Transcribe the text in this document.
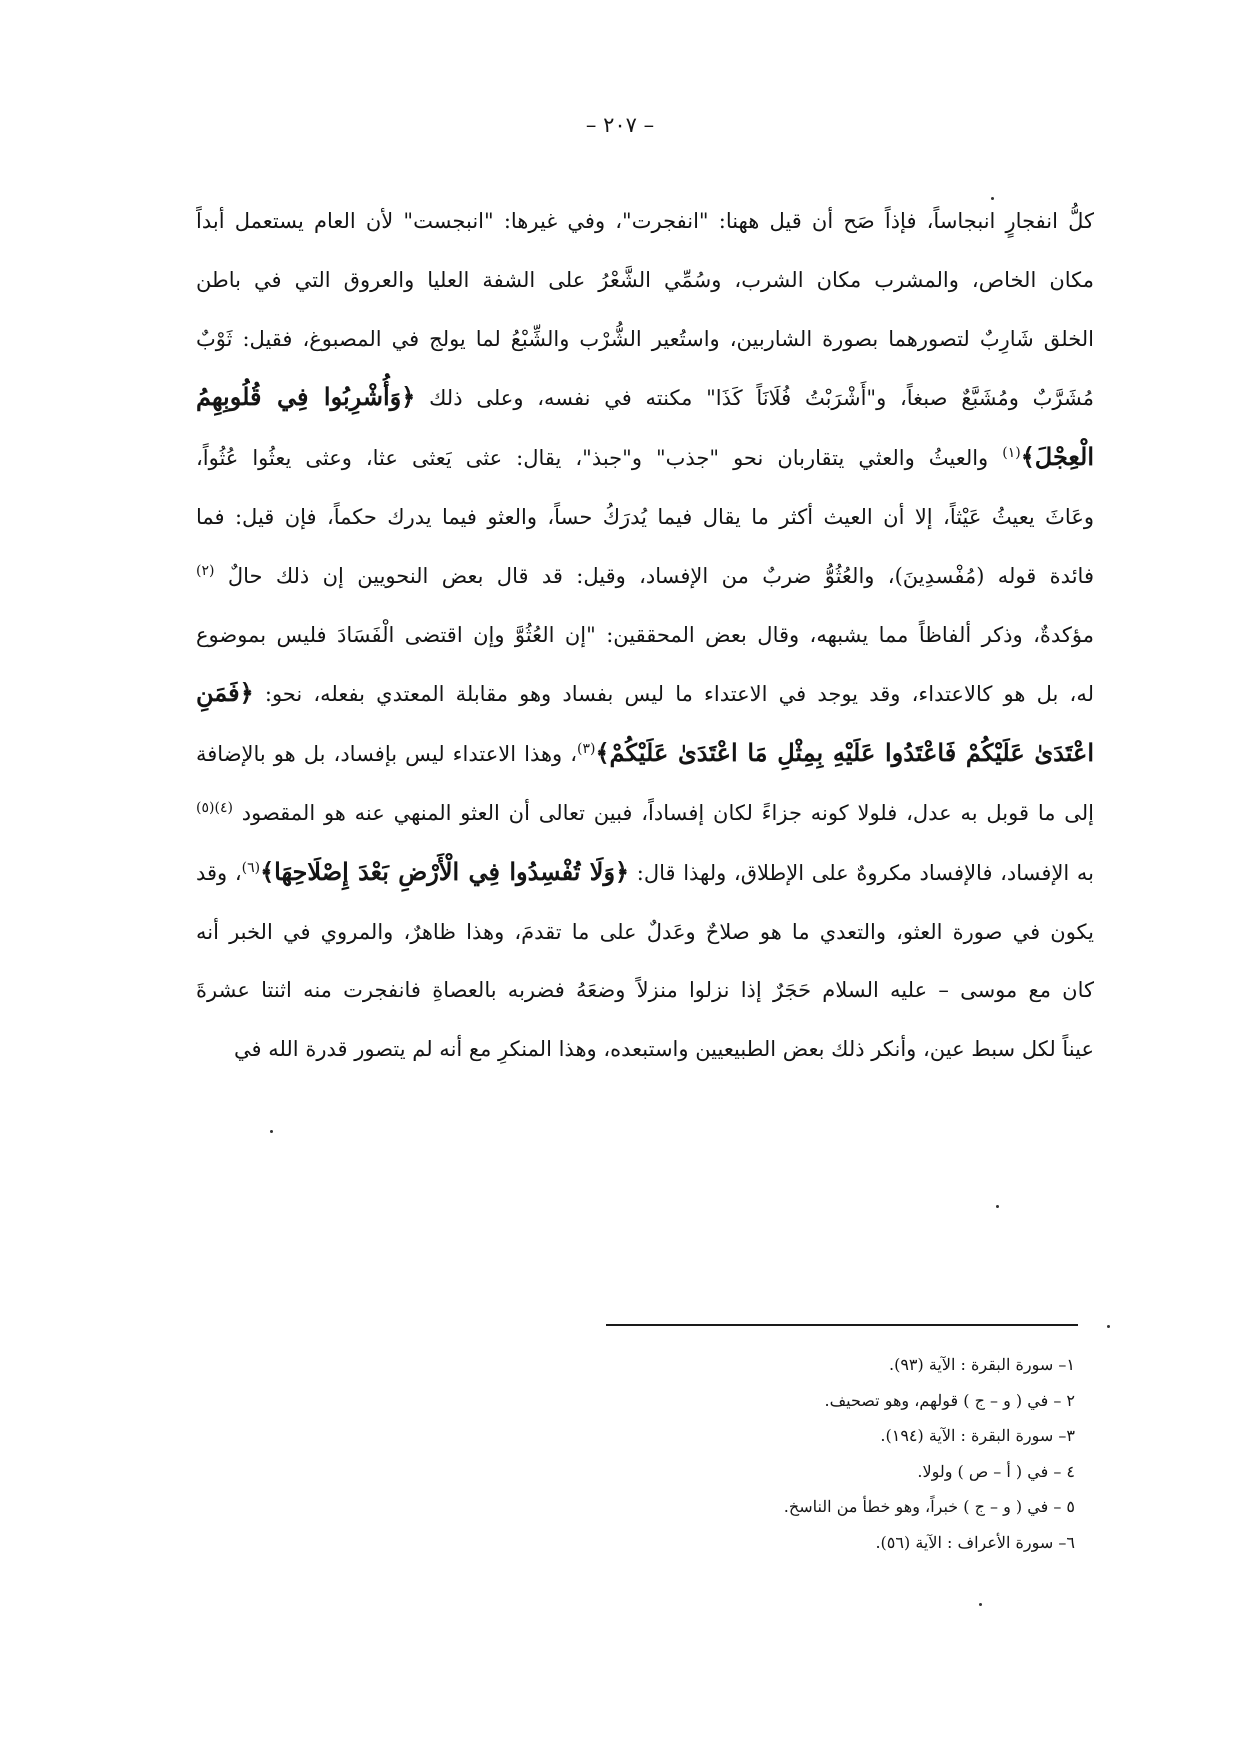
– ٢٠٧ –
كلُّ انفجارٍ انبجاساً، فإذاً صَح أن قيل ههنا: "انفجرت"، وفي غيرها: "انبجست" لأن العام يستعمل أبداً
مكان الخاص، والمشرب مكان الشرب، وسُمِّي الشَّعْرُ على الشفة العليا والعروق التي في باطن
الخلق شَارِبٌ لتصورهما بصورة الشاربين، واستُعير الشُّرْب والشِّبْعُ لما يولج في المصبوغ، فقيل: ثَوْبٌ
مُشَرَّبٌ ومُشَبَّعٌ صبغاً، و"أَشْرَبْتُ فُلَانَاً كَذَا" مكنته في نفسه، وعلى ذلك ﴿وَأُشْرِبُوا فِي قُلُوبِهِمُ
الْعِجْلَ﴾$^{(١)}$ والعيثُ والعثي يتقاربان نحو "جذب" و"جبذ"، يقال: عثى يَعثى عثا، وعثى يعثُوا عُثُواً،
وعَاثَ يعيثُ عَيْثاً، إلا أن العيث أكثر ما يقال فيما يُدرَكُ حساً، والعثو فيما يدرك حكماً، فإن قيل: فما
فائدة قوله (مُفْسدِينَ)، والعُثُوُّ ضربٌ من الإفساد، وقيل: قد قال بعض النحويين إن ذلك حالٌ $^{(٢)}$
مؤكدةٌ، وذكر ألفاظاً مما يشبهه، وقال بعض المحققين: "إن العُثُوَّ وإن اقتضى الْفَسَادَ فليس بموضوع
له، بل هو كالاعتداء، وقد يوجد في الاعتداء ما ليس بفساد وهو مقابلة المعتدي بفعله، نحو: ﴿فَمَنِ
اعْتَدَىٰ عَلَيْكُمْ فَاعْتَدُوا عَلَيْهِ بِمِثْلِ مَا اعْتَدَىٰ عَلَيْكُمْ﴾$^{(٣)}$، وهذا الاعتداء ليس بإفساد، بل هو بالإضافة
إلى ما قوبل به عدل، فلولا كونه جزاءً لكان إفساداً، فبين تعالى أن العثو المنهي عنه هو المقصود $^{(٤)(٥)}$
به الإفساد، فالإفساد مكروهٌ على الإطلاق، ولهذا قال: ﴿وَلَا تُفْسِدُوا فِي الْأَرْضِ بَعْدَ إِصْلَاحِهَا﴾$^{(٦)}$، وقد
يكون في صورة العثو، والتعدي ما هو صلاحٌ وعَدلٌ على ما تقدمَ، وهذا ظاهرٌ، والمروي في الخبر أنه
كان مع موسى – عليه السلام حَجَرٌ إذا نزلوا منزلاً وضعَهُ فضربه بالعصاةِ فانفجرت منه اثنتا عشرةَ
عيناً لكل سبط عين، وأنكر ذلك بعض الطبيعيين واستبعده، وهذا المنكرِ مع أنه لم يتصور قدرة الله في
١– سورة البقرة : الآية (٩٣).
٢ – في ( و – ج ) قولهم، وهو تصحيف.
٣– سورة البقرة : الآية (١٩٤).
٤ – في ( أ – ص ) ولولا.
٥ – في ( و – ج ) خبراً، وهو خطأ من الناسخ.
٦– سورة الأعراف : الآية (٥٦).
